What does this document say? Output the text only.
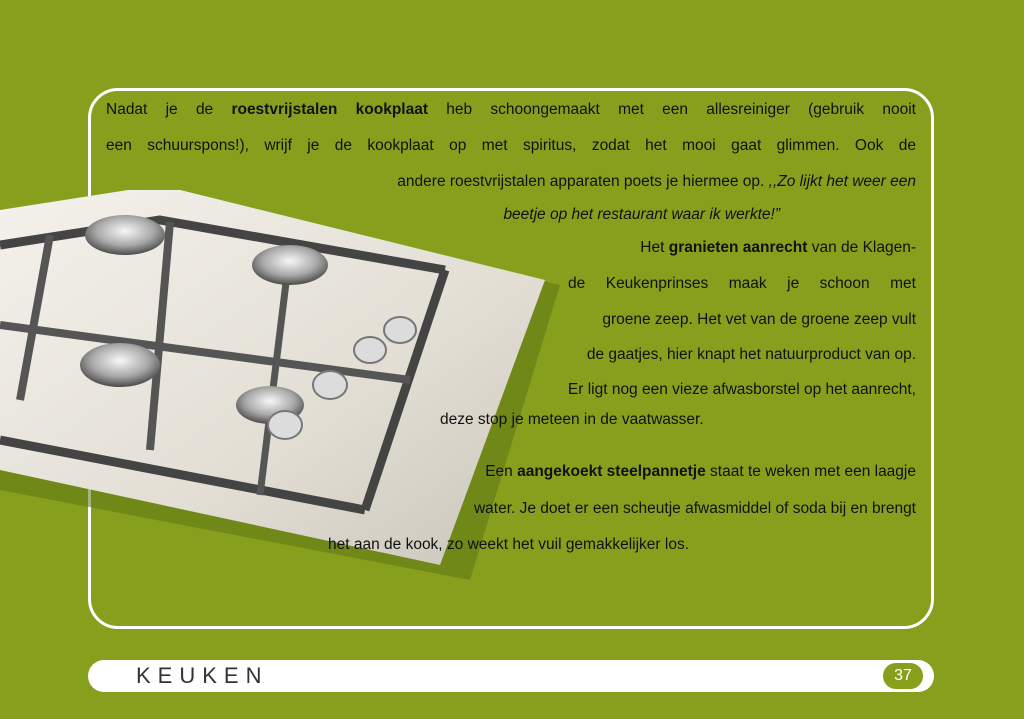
Nadat je de roestvrijstalen kookplaat heb schoongemaakt met een allesreiniger (gebruik nooit

een schuurspons!), wrijf je de kookplaat op met spiritus, zodat het mooi gaat glimmen. Ook de

andere roestvrijstalen apparaten poets je hiermee op. ,,Zo lijkt het weer een

beetje op het restaurant waar ik werkte!”

Het granieten aanrecht van de Klagen-

de Keukenprinses maak je schoon met

groene zeep. Het vet van de groene zeep vult

de gaatjes, hier knapt het natuurproduct van op.

Er ligt nog een vieze afwasborstel op het aanrecht,

deze stop je meteen in de vaatwasser.

Een aangekoekt steelpannetje staat te weken met een laagje

water. Je doet er een scheutje afwasmiddel of soda bij en brengt

het aan de kook, zo weekt het vuil gemakkelijker los.

KEUKEN	37
